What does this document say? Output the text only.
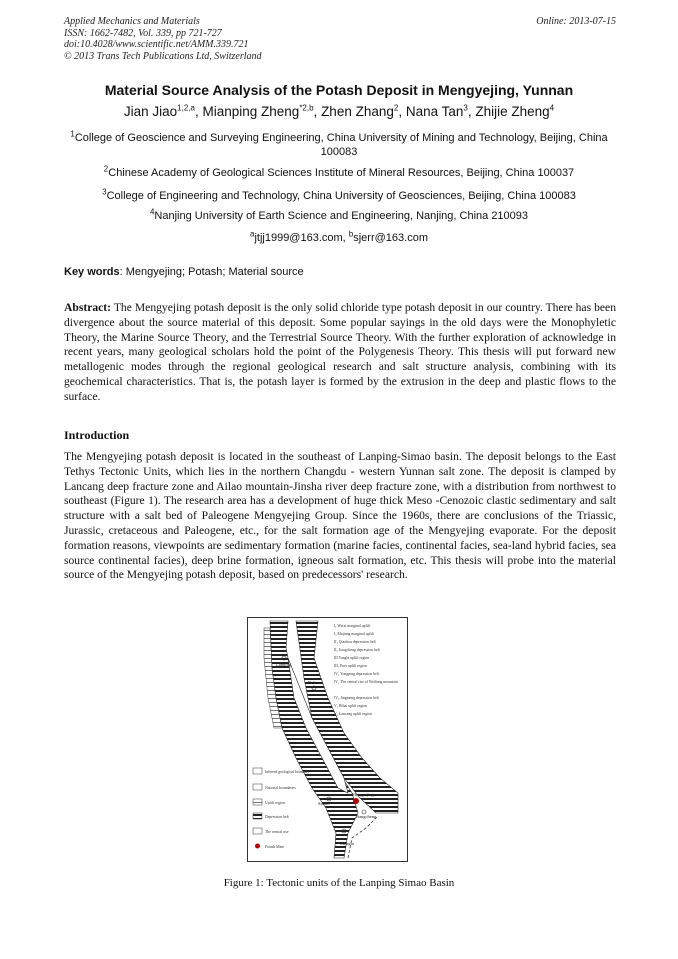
Applied Mechanics and Materials
ISSN: 1662-7482, Vol. 339, pp 721-727
doi:10.4028/www.scientific.net/AMM.339.721
© 2013 Trans Tech Publications Ltd, Switzerland
Online: 2013-07-15
Material Source Analysis of the Potash Deposit in Mengyejing, Yunnan
Jian Jiao$^{1,2,a}$, Mianping Zheng$^{*2,b}$, Zhen Zhang$^2$, Nana Tan$^3$, Zhijie Zheng$^4$
$^1$College of Geoscience and Surveying Engineering, China University of Mining and Technology, Beijing, China 100083
$^2$Chinese Academy of Geological Sciences Institute of Mineral Resources, Beijing, China 100037
$^3$College of Engineering and Technology, China University of Geosciences, Beijing, China 100083
$^4$Nanjing University of Earth Science and Engineering, Nanjing, China 210093
$^a$jtjj1999@163.com, $^b$sjerr@163.com
Key words: Mengyejing; Potash; Material source
Abstract: The Mengyejing potash deposit is the only solid chloride type potash deposit in our country. There has been divergence about the source material of this deposit. Some popular sayings in the old days were the Monophyletic Theory, the Marine Source Theory, and the Terrestrial Source Theory. With the further exploration of acknowledge in recent years, many geological scholars hold the point of the Polygenesis Theory. This thesis will put forward new metallogenic modes through the regional geological research and salt structure analysis, combining with its geochemical characteristics. That is, the potash layer is formed by the extrusion in the deep and plastic flows to the surface.
Introduction
The Mengyejing potash deposit is located in the southeast of Lanping-Simao basin. The deposit belongs to the East Tethys Tectonic Units, which lies in the northern Changdu - western Yunnan salt zone. The deposit is clamped by Lancang deep fracture zone and Ailao mountain-Jinsha river deep fracture zone, with a distribution from northwest to southeast (Figure 1). The research area has a development of huge thick Meso -Cenozoic clastic sedimentary and salt structure with a salt bed of Paleogene Mengyejing Group. Since the 1960s, there are conclusions of the Triassic, Jurassic, cretaceous and Paleogene, etc., for the salt formation age of the Mengyejing evaporate. For the deposit formation reasons, viewpoints are sedimentary formation (marine facies, continental facies, sea-land hybrid facies, sea source continental facies), deep brine formation, igneous salt formation, etc. This thesis will probe into the material source of the Mengyejing potash deposit, based on predecessors' research.
Lanping
Dali
Simao
Mengyejing
Jiangcheng
Mengla
I₁ Weixi marginal uplift
I₂ Mujiang marginal uplift
II₁ Qiaohou depression belt
II₂ Jiangcheng depression belt
III Yangbi uplift region
III₁ Puer uplift region
IV₁ Yongping depression belt
IV₂ The central rise of Weiliang mountain
IV₃ Jingmeng depression belt
V₁ Bihai uplift region
V₂ Lancang uplift region
Inferred geological boundary
National boundaries
Uplift region
Depression belt
The central rise
Potash Mine
Figure 1: Tectonic units of the Lanping Simao Basin
